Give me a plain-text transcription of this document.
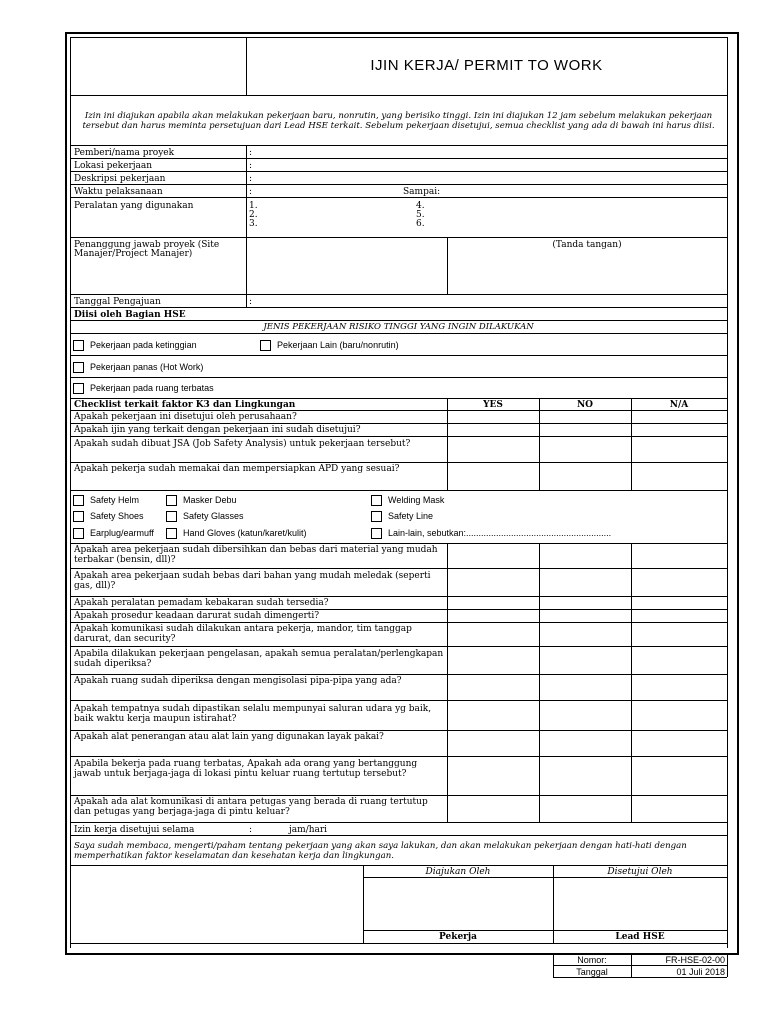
IJIN KERJA/ PERMIT TO WORK
Izin ini diajukan apabila akan melakukan pekerjaan baru, nonrutin, yang berisiko tinggi. Izin ini diajukan 12 jam sebelum melakukan pekerjaan
tersebut dan harus meminta persetujuan dari Lead HSE terkait. Sebelum pekerjaan disetujui, semua checklist yang ada di bawah ini harus diisi.
Pemberi/nama proyek	:
Lokasi pekerjaan	:
Deskripsi pekerjaan	:
Waktu pelaksanaan	:	Sampai:
Peralatan yang digunakan	1.
2.
3.
4.
5.
6.
Penanggung jawab proyek (Site
Manajer/Project Manajer)
(Tanda tangan)
Tanggal Pengajuan	:
Diisi oleh Bagian HSE
JENIS PEKERJAAN RISIKO TINGGI YANG INGIN DILAKUKAN
Pekerjaan pada ketinggian	Pekerjaan Lain (baru/nonrutin)
Pekerjaan panas (Hot Work)
Pekerjaan pada ruang terbatas
Checklist terkait faktor K3 dan Lingkungan	YES	NO	N/A
Apakah pekerjaan ini disetujui oleh perusahaan?
Apakah ijin yang terkait dengan pekerjaan ini sudah disetujui?
Apakah sudah dibuat JSA (Job Safety Analysis) untuk pekerjaan tersebut?
Apakah pekerja sudah memakai dan mempersiapkan APD yang sesuai?
Safety Helm	Masker Debu	Welding Mask
Safety Shoes	Safety Glasses	Safety Line
Earplug/earmuff	Hand Gloves (katun/karet/kulit)	Lain-lain, sebutkan:..........................................................
Apakah area pekerjaan sudah dibersihkan dan bebas dari material yang mudah terbakar (bensin, dll)?
Apakah area pekerjaan sudah bebas dari bahan yang mudah meledak (seperti gas, dll)?
Apakah peralatan pemadam kebakaran sudah tersedia?
Apakah prosedur keadaan darurat sudah dimengerti?
Apakah komunikasi sudah dilakukan antara pekerja, mandor, tim tanggap darurat, dan security?
Apabila dilakukan pekerjaan pengelasan, apakah semua peralatan/perlengkapan sudah diperiksa?
Apakah ruang sudah diperiksa dengan mengisolasi pipa-pipa yang ada?
Apakah tempatnya sudah dipastikan selalu mempunyai saluran udara yg baik, baik waktu kerja maupun istirahat?
Apakah alat penerangan atau alat lain yang digunakan layak pakai?
Apabila bekerja pada ruang terbatas, Apakah ada orang yang bertanggung jawab untuk berjaga-jaga di lokasi pintu keluar ruang tertutup tersebut?
Apakah ada alat komunikasi di antara petugas yang berada di ruang tertutup dan petugas yang berjaga-jaga di pintu keluar?
Izin kerja disetujui selama	:	jam/hari
Saya sudah membaca, mengerti/paham tentang pekerjaan yang akan saya lakukan, dan akan melakukan pekerjaan dengan hati-hati dengan
memperhatikan faktor keselamatan dan kesehatan kerja dan lingkungan.
Diajukan Oleh	Disetujui Oleh
Pekerja	Lead HSE
Nomor:	FR-HSE-02-00
Tanggal	01 Juli 2018
